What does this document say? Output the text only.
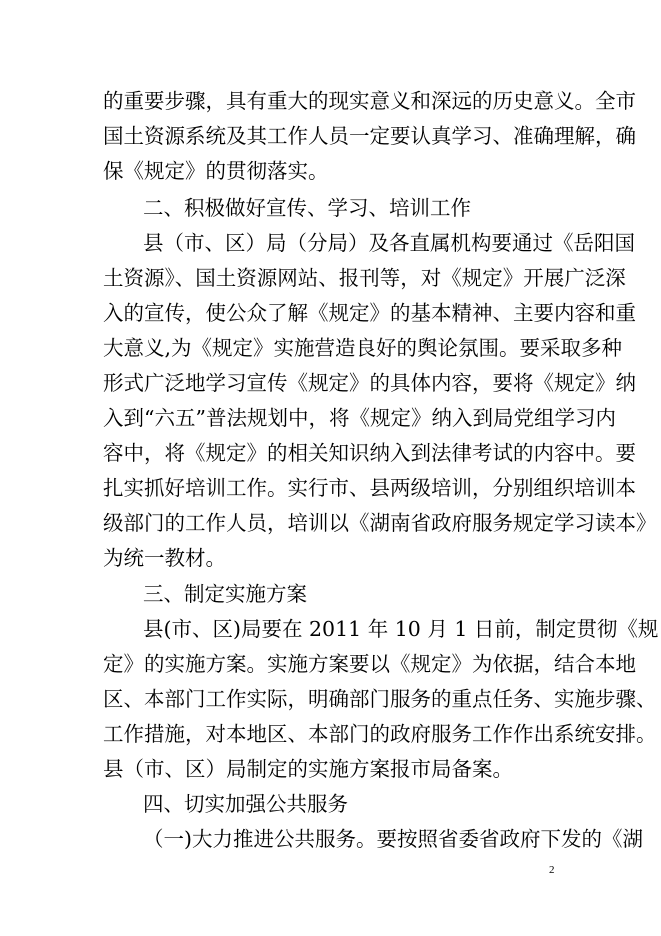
的重要步骤，具有重大的现实意义和深远的历史意义。全市
国土资源系统及其工作人员一定要认真学习、准确理解，确
保《规定》的贯彻落实。
二、积极做好宣传、学习、培训工作
县（市、区）局（分局）及各直属机构要通过《岳阳国
土资源》、国土资源网站、报刊等，对《规定》开展广泛深
入的宣传，使公众了解《规定》的基本精神、主要内容和重
大意义,为《规定》实施营造良好的舆论氛围。要采取多种
形式广泛地学习宣传《规定》的具体内容，要将《规定》纳
入到“六五”普法规划中，将《规定》纳入到局党组学习内
容中，将《规定》的相关知识纳入到法律考试的内容中。要
扎实抓好培训工作。实行市、县两级培训，分别组织培训本
级部门的工作人员，培训以《湖南省政府服务规定学习读本》
为统一教材。
三、制定实施方案
县(市、区)局要在 2011 年 10 月 1 日前，制定贯彻《规
定》的实施方案。实施方案要以《规定》为依据，结合本地
区、本部门工作实际，明确部门服务的重点任务、实施步骤、
工作措施，对本地区、本部门的政府服务工作作出系统安排。
县（市、区）局制定的实施方案报市局备案。
四、切实加强公共服务
（一)大力推进公共服务。要按照省委省政府下发的《湖
2
